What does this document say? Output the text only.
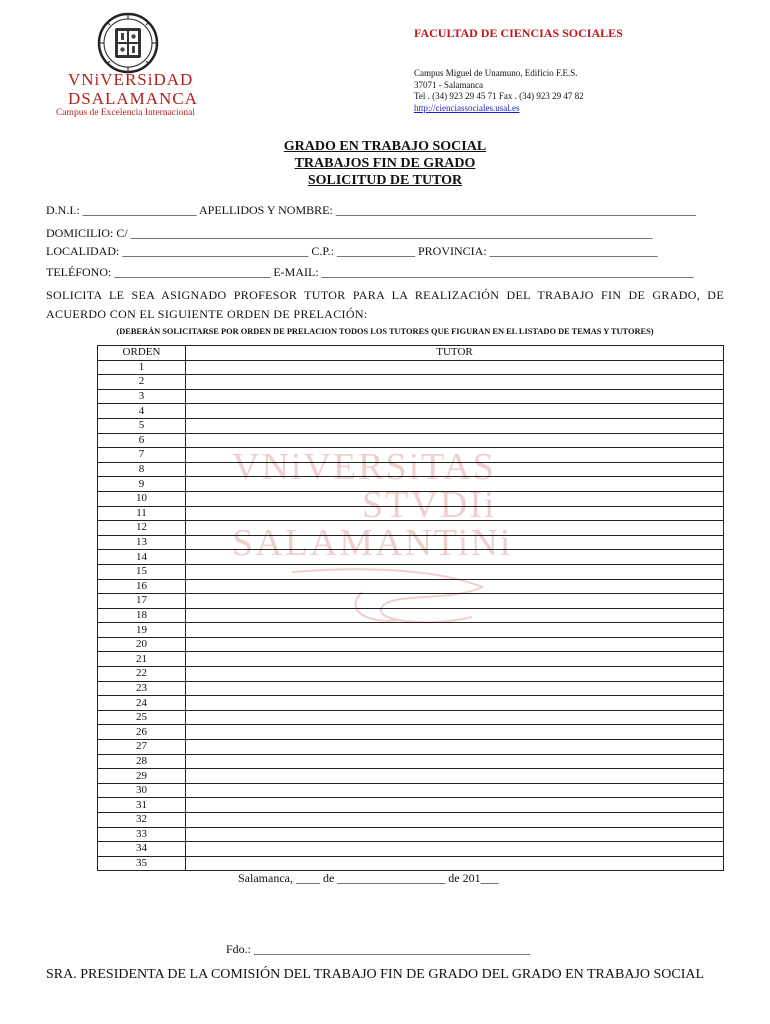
VNiVERSiDAD
DSALAMANCA
Campus de Excelencia Internacional
FACULTAD DE CIENCIAS SOCIALES
Campus Miguel de Unamuno, Edificio F.E.S.
37071 - Salamanca
Tel . (34) 923 29 45 71 Fax . (34) 923 29 47 82
http://cienciassociales.usal.es
GRADO EN TRABAJO SOCIAL
TRABAJOS FIN DE GRADO
SOLICITUD DE TUTOR
D.N.I.: ___________________ APELLIDOS Y NOMBRE: ____________________________________________________________
DOMICILIO: C/ _______________________________________________________________________________________
LOCALIDAD: _______________________________ C.P.: _____________ PROVINCIA: ____________________________
TELÉFONO: __________________________ E-MAIL: ______________________________________________________________
SOLICITA LE SEA ASIGNADO PROFESOR TUTOR PARA LA REALIZACIÓN DEL TRABAJO FIN DE GRADO, DE ACUERDO CON EL SIGUIENTE ORDEN DE PRELACIÓN:
(DEBERÁN SOLICITARSE POR ORDEN DE PRELACION TODOS LOS TUTORES QUE FIGURAN EN EL LISTADO DE TEMAS Y TUTORES)
VNiVERSiTAS
STVDIi
SALAMANTiNi
ORDEN	TUTOR
1	
2	
3	
4	
5	
6	
7	
8	
9	
10	
11	
12	
13	
14	
15	
16	
17	
18	
19	
20	
21	
22	
23	
24	
25	
26	
27	
28	
29	
30	
31	
32	
33	
34	
35	
Salamanca, ____ de __________________ de 201___
Fdo.: ______________________________________________
SRA. PRESIDENTA DE LA COMISIÓN DEL TRABAJO FIN DE GRADO DEL GRADO EN TRABAJO SOCIAL
